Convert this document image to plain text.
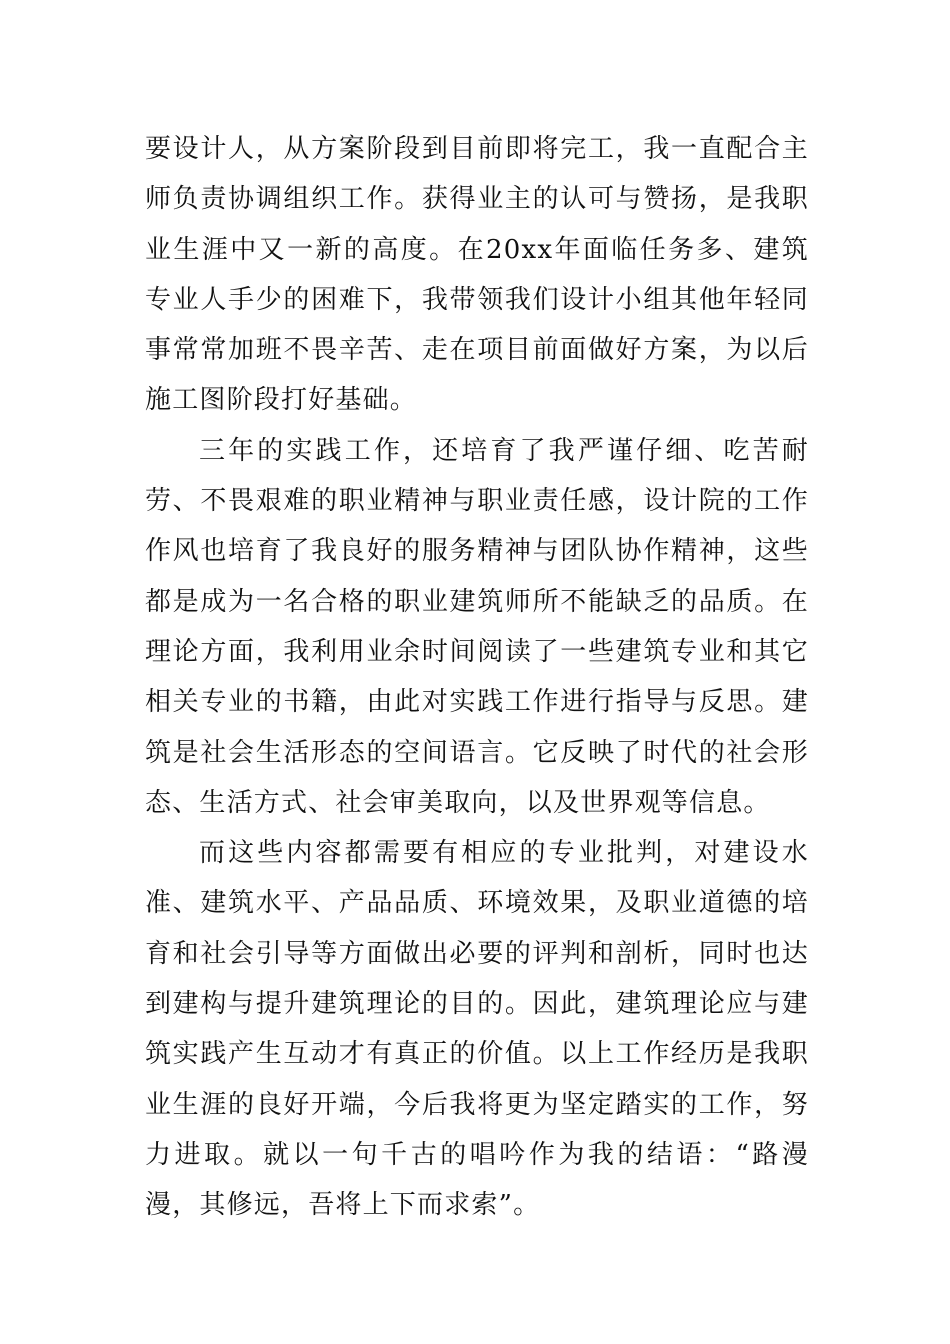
要设计人，从方案阶段到目前即将完工，我一直配合主师负责协调组织工作。获得业主的认可与赞扬，是我职业生涯中又一新的高度。在20xx年面临任务多、建筑专业人手少的困难下，我带领我们设计小组其他年轻同事常常加班不畏辛苦、走在项目前面做好方案，为以后施工图阶段打好基础。

三年的实践工作，还培育了我严谨仔细、吃苦耐劳、不畏艰难的职业精神与职业责任感，设计院的工作作风也培育了我良好的服务精神与团队协作精神，这些都是成为一名合格的职业建筑师所不能缺乏的品质。在理论方面，我利用业余时间阅读了一些建筑专业和其它相关专业的书籍，由此对实践工作进行指导与反思。建筑是社会生活形态的空间语言。它反映了时代的社会形态、生活方式、社会审美取向，以及世界观等信息。

而这些内容都需要有相应的专业批判，对建设水准、建筑水平、产品品质、环境效果，及职业道德的培育和社会引导等方面做出必要的评判和剖析，同时也达到建构与提升建筑理论的目的。因此，建筑理论应与建筑实践产生互动才有真正的价值。以上工作经历是我职业生涯的良好开端，今后我将更为坚定踏实的工作，努力进取。就以一句千古的唱吟作为我的结语：“路漫漫，其修远，吾将上下而求索”。
